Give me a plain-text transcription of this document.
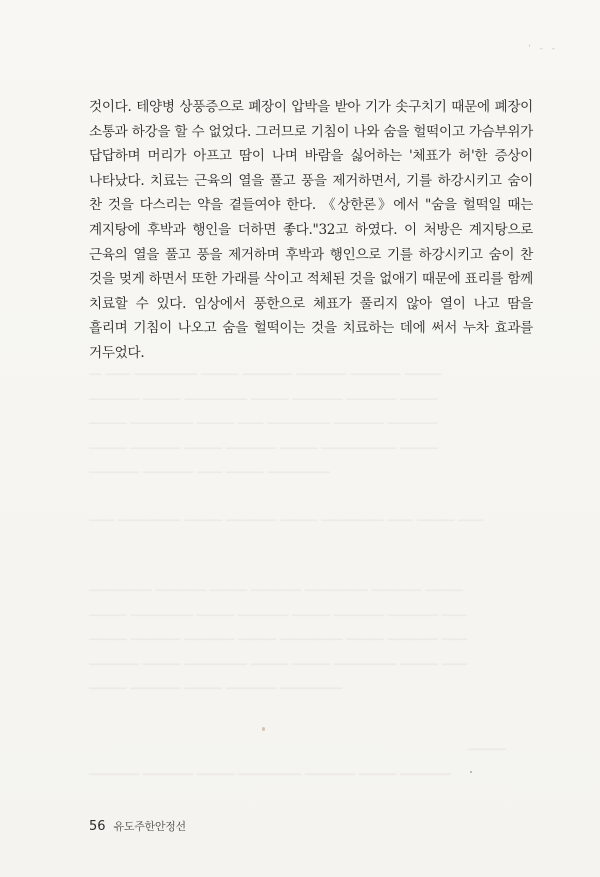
' - -

것이다. 테양병 상풍증으로 폐장이 압박을 받아 기가 솟구치기 때문에 폐장이 소통과 하강을 할 수 없었다. 그러므로 기침이 나와 숨을 헐떡이고 가슴부위가 답답하며 머리가 아프고 땀이 나며 바람을 싫어하는 '체표가 허'한 증상이 나타났다. 치료는 근육의 열을 풀고 풍을 제거하면서, 기를 하강시키고 숨이 찬 것을 다스리는 약을 곁들여야 한다. 《상한론》에서 "숨을 헐떡일 때는 계지탕에 후박과 행인을 더하면 좋다."32고 하였다. 이 처방은 계지탕으로 근육의 열을 풀고 풍을 제거하며 후박과 행인으로 기를 하강시키고 숨이 찬 것을 멎게 하면서 또한 가래를 삭이고 적체된 것을 없애기 때문에 표리를 함께 치료할 수 있다. 임상에서 풍한으로 체표가 풀리지 않아 열이 나고 땀을 흘리며 기침이 나오고 숨을 헐떡이는 것을 치료하는 데에 써서 누차 효과를 거두었다.

＿ ＿＿ ＿＿＿＿＿ ＿＿＿ ＿＿＿＿ ＿＿＿＿ ＿＿＿＿ ＿＿＿

＿＿＿＿ ＿＿＿ ＿＿＿＿＿ ＿＿＿ ＿＿＿＿ ＿＿＿＿ ＿＿＿

＿＿＿ ＿＿＿＿＿ ＿＿＿ ＿＿ ＿＿＿＿＿ ＿＿＿＿ ＿＿＿＿

＿＿＿ ＿＿＿＿ ＿＿＿ ＿＿＿＿ ＿＿＿ ＿＿＿＿＿＿ ＿＿＿

＿＿＿＿ ＿＿＿＿ ＿＿ ＿＿＿ ＿＿＿＿＿

＿＿ ＿＿＿＿＿ ＿＿＿ ＿＿＿＿ ＿＿＿ ＿＿＿＿＿ ＿＿ ＿＿＿ ＿＿

＿＿＿＿＿ ＿＿＿＿ ＿＿＿ ＿＿＿＿ ＿＿＿＿＿ ＿＿＿＿ ＿＿＿

＿＿＿ ＿＿＿＿＿ ＿＿＿ ＿＿＿＿ ＿＿＿ ＿＿＿＿ ＿＿＿＿ ＿＿

＿＿＿ ＿＿＿＿ ＿＿＿＿ ＿＿＿ ＿＿＿＿＿ ＿＿＿ ＿＿＿＿ ＿＿

＿＿＿＿ ＿＿＿ ＿＿＿＿＿ ＿＿＿ ＿＿＿ ＿＿＿＿＿ ＿＿＿ ＿＿

＿＿＿ ＿＿＿＿ ＿＿＿ ＿＿＿＿ ＿＿＿＿＿

＿＿＿

＿＿＿＿ ＿＿＿＿ ＿＿＿ ＿＿＿＿＿ ＿＿＿＿ ＿＿＿ ＿＿＿＿

56 유도주한안정선
